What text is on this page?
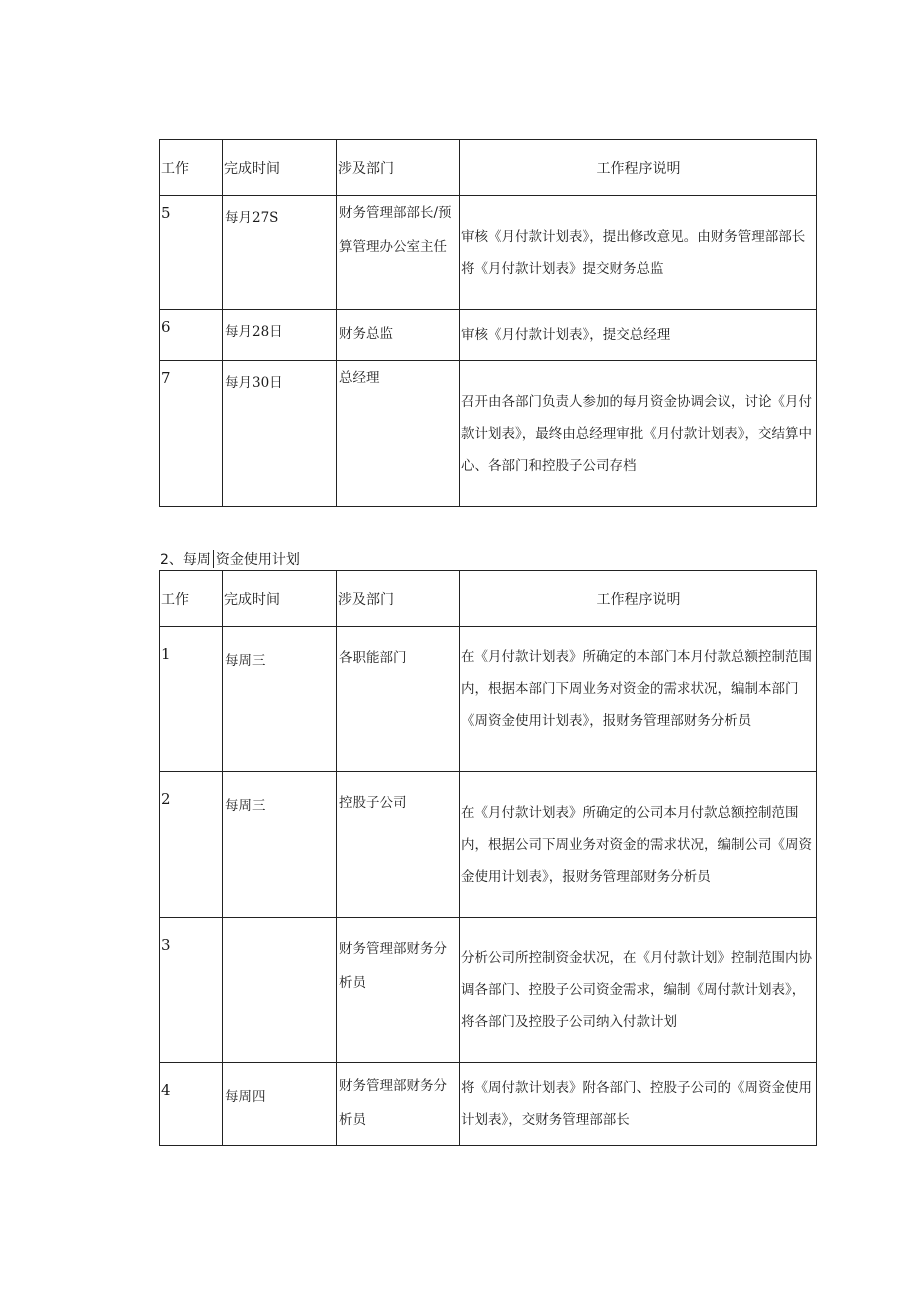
工作	完成时间	涉及部门	工作程序说明
5	每月27S	财务管理部部长/预算管理办公室主任	审核《月付款计划表》，提出修改意见。由财务管理部部长将《月付款计划表》提交财务总监
6	每月28日	财务总监	审核《月付款计划表》，提交总经理
7	每月30日	总经理	召开由各部门负责人参加的每月资金协调会议，讨论《月付款计划表》，最终由总经理审批《月付款计划表》，交结算中心、各部门和控股子公司存档
2、每周 资金使用计划
工作	完成时间	涉及部门	工作程序说明
1	每周三	各职能部门	在《月付款计划表》所确定的本部门本月付款总额控制范围内，根据本部门下周业务对资金的需求状况，编制本部门《周资金使用计划表》，报财务管理部财务分析员
2	每周三	控股子公司	在《月付款计划表》所确定的公司本月付款总额控制范围内，根据公司下周业务对资金的需求状况，编制公司《周资金使用计划表》，报财务管理部财务分析员
3		财务管理部财务分析员	分析公司所控制资金状况，在《月付款计划》控制范围内协调各部门、控股子公司资金需求，编制《周付款计划表》，将各部门及控股子公司纳入付款计划
4	每周四	财务管理部财务分析员	将《周付款计划表》附各部门、控股子公司的《周资金使用计划表》，交财务管理部部长
